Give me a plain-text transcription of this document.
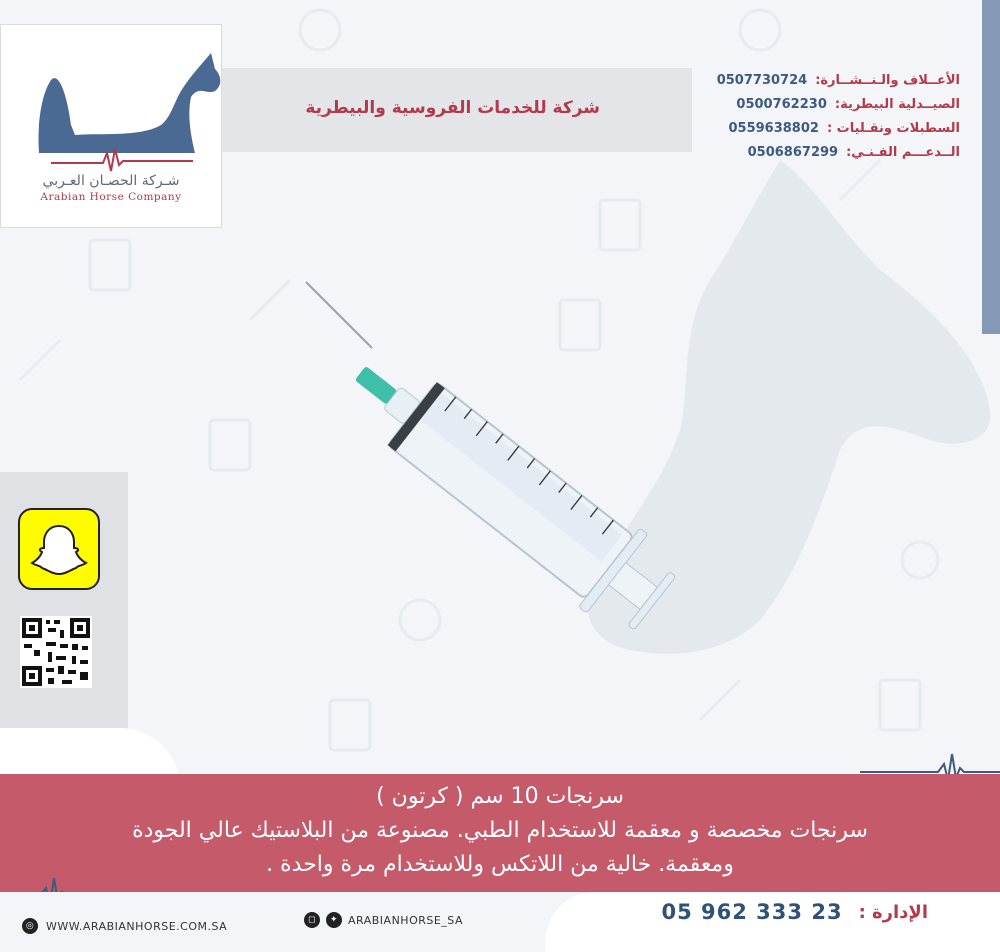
شـركة الحصـان العـربي
Arabian Horse Company
شركة للخدمات الفروسية والبيطرية
0507730724 الأعــلاف والـنــشــارة:
0500762230 الصيــدلية البيطرية:
0559638802 السطبلات ونقـليات :
0506867299 الــدعـــم الفـنـي:
سرنجات 10 سم ( كرتون )
سرنجات مخصصة و معقمة للاستخدام الطبي. مصنوعة من البلاستيك عالي الجودة
ومعقمة. خالية من اللاتكس وللاستخدام مرة واحدة .
◎	WWW.ARABIANHORSE.COM.SA	◻	✦ ARABIANHORSE_SA	05 962 333 23 الإدارة :
